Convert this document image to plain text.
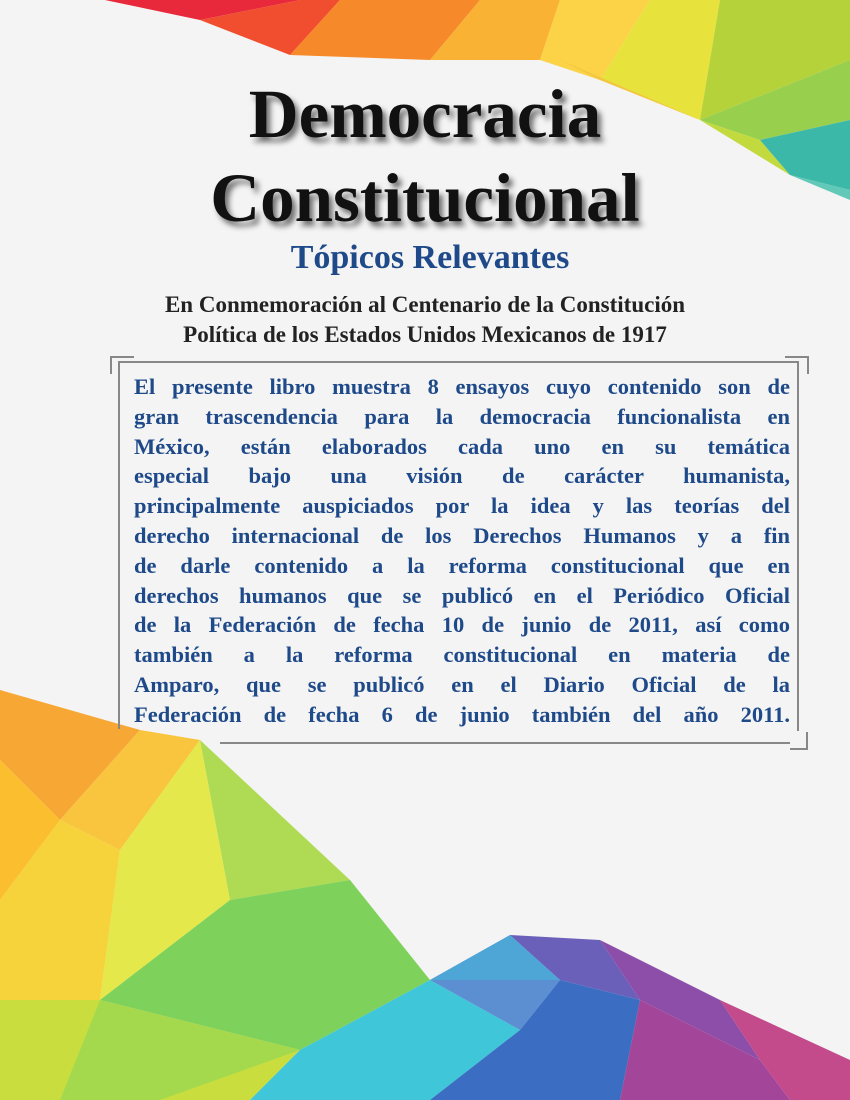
Democracia
Constitucional
Tópicos Relevantes
En Conmemoración al Centenario de la Constitución
Política de los Estados Unidos Mexicanos de 1917
El presente libro muestra 8 ensayos cuyo contenido son de
gran trascendencia para la democracia funcionalista en
México, están elaborados cada uno en su temática
especial bajo una visión de carácter humanista,
principalmente auspiciados por la idea y las teorías del
derecho internacional de los Derechos Humanos y a fin
de darle contenido a la reforma constitucional que en
derechos humanos que se publicó en el Periódico Oficial
de la Federación de fecha 10 de junio de 2011, así como
también a la reforma constitucional en materia de
Amparo, que se publicó en el Diario Oficial de la
Federación de fecha 6 de junio también del año 2011.
